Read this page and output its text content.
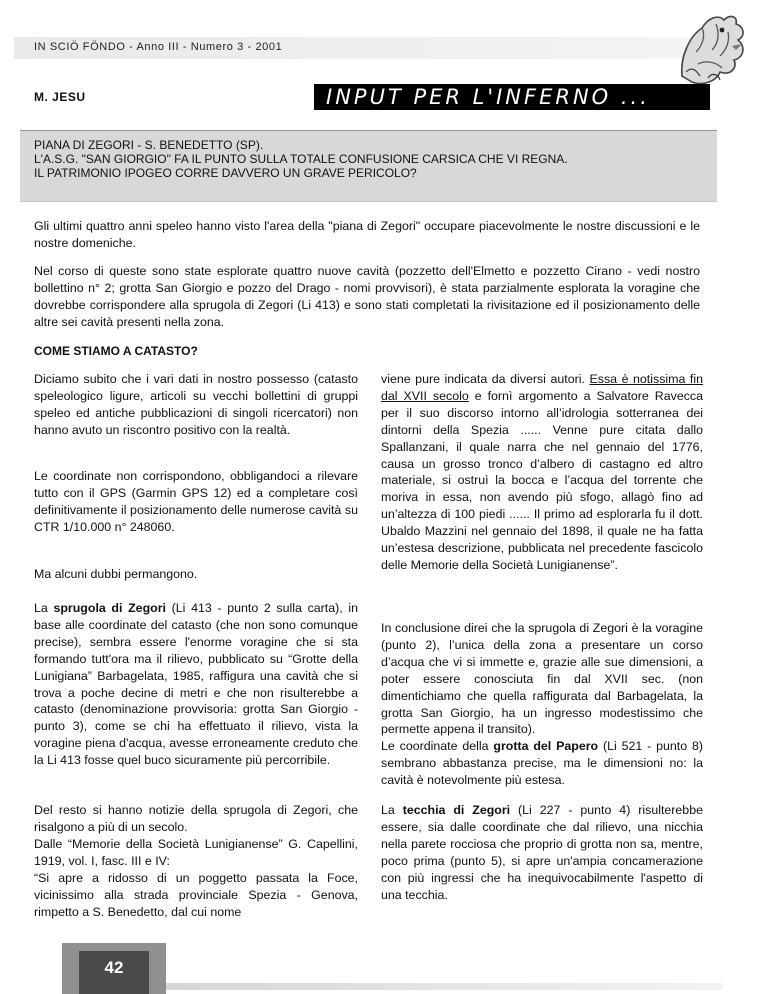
IN SCIÖ FÖNDO - Anno III - Numero 3 - 2001
M. JESU	INPUT PER L'INFERNO ...
PIANA DI ZEGORI - S. BENEDETTO (SP).
L'A.S.G. "SAN GIORGIO" FA IL PUNTO SULLA TOTALE CONFUSIONE CARSICA CHE VI REGNA.
IL PATRIMONIO IPOGEO CORRE DAVVERO UN GRAVE PERICOLO?
Gli ultimi quattro anni speleo hanno visto l'area della "piana di Zegori" occupare piacevolmente le nostre discussioni e le nostre domeniche.
Nel corso di queste sono state esplorate quattro nuove cavità (pozzetto dell'Elmetto e pozzetto Cirano - vedi nostro bollettino n° 2; grotta San Giorgio e pozzo del Drago - nomi provvisori), è stata parzialmente esplorata la voragine che dovrebbe corrispondere alla sprugola di Zegori (Li 413) e sono stati completati la rivisitazione ed il posizionamento delle altre sei cavità presenti nella zona.
COME STIAMO A CATASTO?
Diciamo subito che i vari dati in nostro possesso (catasto speleologico ligure, articoli su vecchi bollettini di gruppi speleo ed antiche pubblicazioni di singoli ricercatori) non hanno avuto un riscontro positivo con la realtà.
Le coordinate non corrispondono, obbligandoci a rilevare tutto con il GPS (Garmin GPS 12) ed a completare così definitivamente il posizionamento delle numerose cavità su CTR 1/10.000 n° 248060.
Ma alcuni dubbi permangono.
La sprugola di Zegori (Li 413 - punto 2 sulla carta), in base alle coordinate del catasto (che non sono comunque precise), sembra essere l'enorme voragine che si sta formando tutt'ora ma il rilievo, pubblicato su “Grotte della Lunigiana” Barbagelata, 1985, raffigura una cavità che si trova a poche decine di metri e che non risulterebbe a catasto (denominazione provvisoria: grotta San Giorgio - punto 3), come se chi ha effettuato il rilievo, vista la voragine piena d'acqua, avesse erroneamente creduto che la Li 413 fosse quel buco sicuramente più percorribile.
Del resto si hanno notizie della sprugola di Zegori, che risalgono a più di un secolo.
Dalle “Memorie della Società Lunigianense” G. Capellini, 1919, vol. I, fasc. III e IV:
“Si apre a ridosso di un poggetto passata la Foce, vicinissimo alla strada provinciale Spezia - Genova, rimpetto a S. Benedetto, dal cui nome
viene pure indicata da diversi autori. Essa è notissima fin dal XVII secolo e fornì argomento a Salvatore Ravecca per il suo discorso intorno all’idrologia sotterranea dei dintorni della Spezia ...... Venne pure citata dallo Spallanzani, il quale narra che nel gennaio del 1776, causa un grosso tronco d’albero di castagno ed altro materiale, si ostruì la bocca e l’acqua del torrente che moriva in essa, non avendo più sfogo, allagò fino ad un’altezza di 100 piedi ...... Il primo ad esplorarla fu il dott. Ubaldo Mazzini nel gennaio del 1898, il quale ne ha fatta un’estesa descrizione, pubblicata nel precedente fascicolo delle Memorie della Società Lunigianense”.
In conclusione direi che la sprugola di Zegori è la voragine (punto 2), l’unica della zona a presentare un corso d’acqua che vi si immette e, grazie alle sue dimensioni, a poter essere conosciuta fin dal XVII sec. (non dimentichiamo che quella raffigurata dal Barbagelata, la grotta San Giorgio, ha un ingresso modestissimo che permette appena il transito).
Le coordinate della grotta del Papero (Li 521 - punto 8) sembrano abbastanza precise, ma le dimensioni no: la cavità è notevolmente più estesa.
La tecchia di Zegori (Li 227 - punto 4) risulterebbe essere, sia dalle coordinate che dal rilievo, una nicchia nella parete rocciosa che proprio di grotta non sa, mentre, poco prima (punto 5), si apre un'ampia concamerazione con più ingressi che ha inequivocabilmente l'aspetto di una tecchia.
42
